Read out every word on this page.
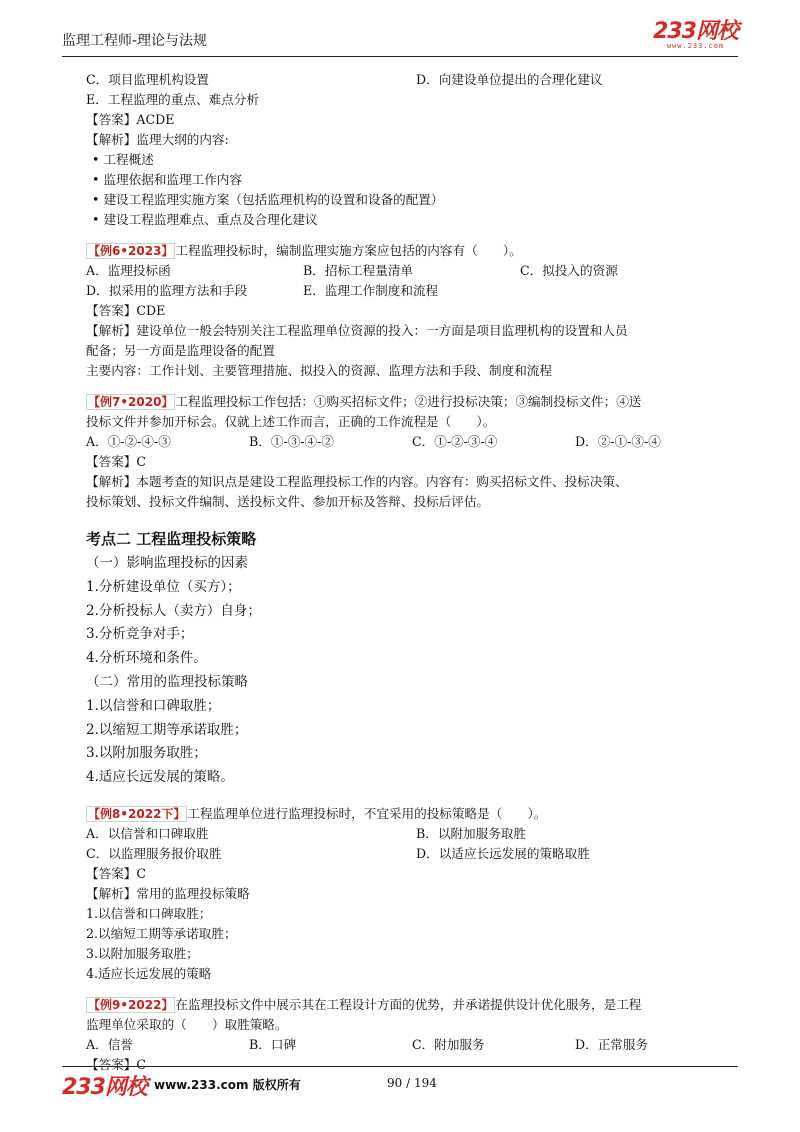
监理工程师-理论与法规	233网校
www.233.com
C．项目监理机构设置	D．向建设单位提出的合理化建议
E．工程监理的重点、难点分析
【答案】ACDE
【解析】监理大纲的内容:
• 工程概述
• 监理依据和监理工作内容
• 建设工程监理实施方案（包括监理机构的设置和设备的配置）
• 建设工程监理难点、重点及合理化建议
【例6•2023】 工程监理投标时，编制监理实施方案应包括的内容有（　　）。
A．监理投标函	B．招标工程量清单	C．拟投入的资源
D．拟采用的监理方法和手段	E．监理工作制度和流程
【答案】CDE
【解析】建设单位一般会特别关注工程监理单位资源的投入：一方面是项目监理机构的设置和人员
配备；另一方面是监理设备的配置
主要内容：工作计划、主要管理措施、拟投入的资源、监理方法和手段、制度和流程
【例7•2020】 工程监理投标工作包括：①购买招标文件；②进行投标决策；③编制投标文件；④送
投标文件并参加开标会。仅就上述工作而言，正确的工作流程是（　　）。
A．①-②-④-③	B．①-③-④-②	C．①-②-③-④	D．②-①-③-④
【答案】C
【解析】本题考查的知识点是建设工程监理投标工作的内容。内容有：购买招标文件、投标决策、
投标策划、投标文件编制、送投标文件、参加开标及答辩、投标后评估。
考点二 工程监理投标策略
（一）影响监理投标的因素
1.分析建设单位（买方）；
2.分析投标人（卖方）自身；
3.分析竞争对手；
4.分析环境和条件。
（二）常用的监理投标策略
1.以信誉和口碑取胜；
2.以缩短工期等承诺取胜；
3.以附加服务取胜；
4.适应长远发展的策略。
【例8•2022下】 工程监理单位进行监理投标时，不宜采用的投标策略是（　　）。
A．以信誉和口碑取胜	B．以附加服务取胜
C．以监理服务报价取胜	D．以适应长远发展的策略取胜
【答案】C
【解析】常用的监理投标策略
1.以信誉和口碑取胜；
2.以缩短工期等承诺取胜；
3.以附加服务取胜；
4.适应长远发展的策略
【例9•2022】 在监理投标文件中展示其在工程设计方面的优势，并承诺提供设计优化服务，是工程
监理单位采取的（　　）取胜策略。
A．信誉	B．口碑	C．附加服务	D．正常服务
【答案】C
233网校 www.233.com 版权所有	90 / 194
